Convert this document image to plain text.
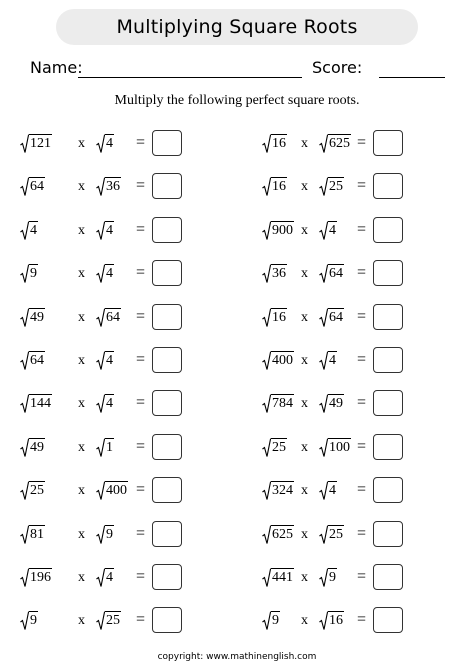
Multiplying Square Roots
Name:	Score:
Multiply the following perfect square roots.
121 x 4 =
64 x 36 =
4	x 4 =
9	x 4 =
49 x 64 =
64 x 4 =
144 x 4 =
49 x 1 =
25 x 400 =
81 x 9 =
196 x 4 =
9	x 25 =
16 x 625 =
16 x 25 =
900 x 4 =
36 x 64 =
16 x 64 =
400 x 4 =
784 x 49 =
25 x 100 =
324 x 4 =
625 x 25 =
441 x 9 =
9 x 16 =
copyright: www.mathinenglish.com
